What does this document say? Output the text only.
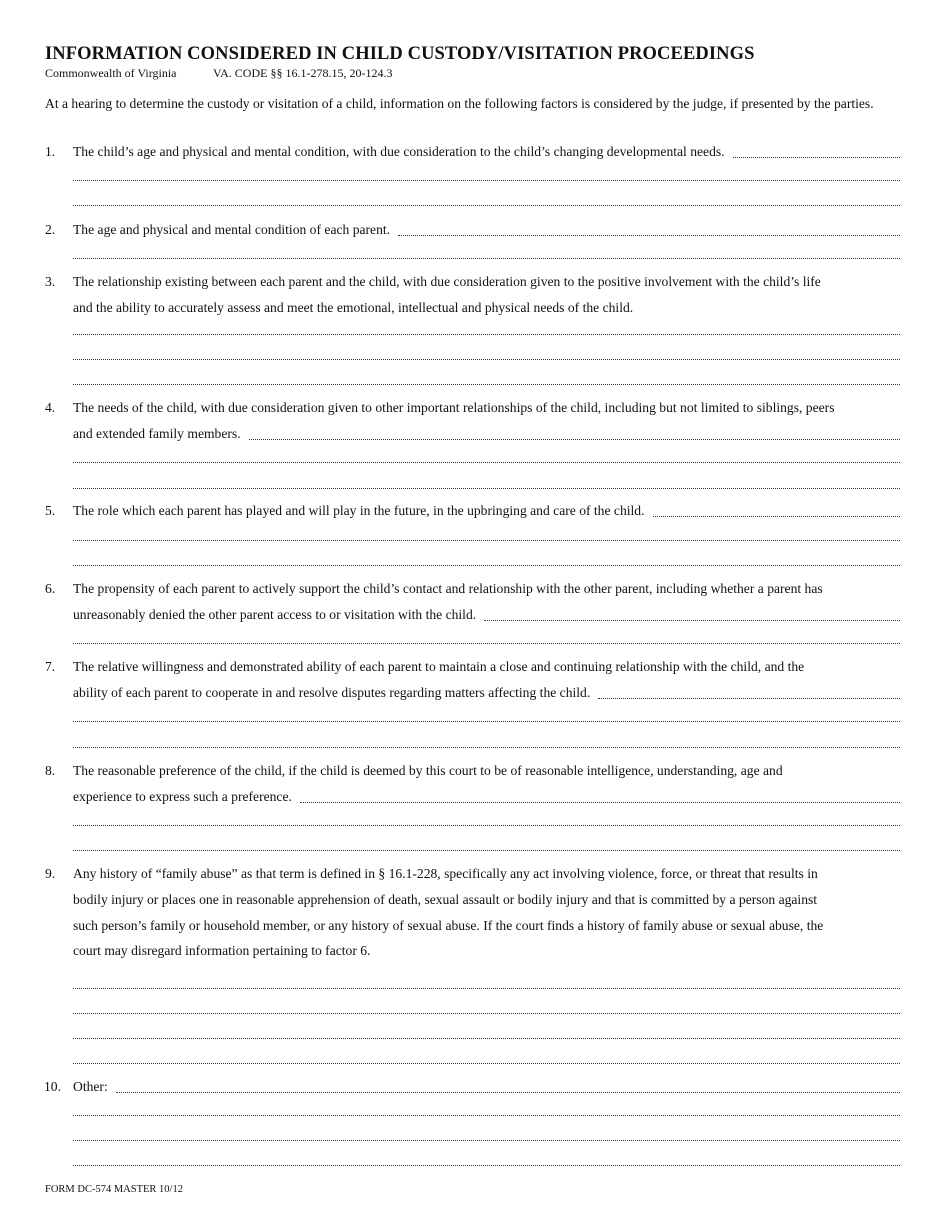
INFORMATION CONSIDERED IN CHILD CUSTODY/VISITATION PROCEEDINGS
Commonwealth of Virginia	VA. CODE §§ 16.1-278.15, 20-124.3
At a hearing to determine the custody or visitation of a child, information on the following factors is considered by the judge, if presented by the parties.
1.	The child’s age and physical and mental condition, with due consideration to the child’s changing developmental needs.
2.	The age and physical and mental condition of each parent.
3.	The relationship existing between each parent and the child, with due consideration given to the positive involvement with the child’s life
and the ability to accurately assess and meet the emotional, intellectual and physical needs of the child.
4.	The needs of the child, with due consideration given to other important relationships of the child, including but not limited to siblings, peers
and extended family members.
5.	The role which each parent has played and will play in the future, in the upbringing and care of the child.
6.	The propensity of each parent to actively support the child’s contact and relationship with the other parent, including whether a parent has
unreasonably denied the other parent access to or visitation with the child.
7.	The relative willingness and demonstrated ability of each parent to maintain a close and continuing relationship with the child, and the
ability of each parent to cooperate in and resolve disputes regarding matters affecting the child.
8.	The reasonable preference of the child, if the child is deemed by this court to be of reasonable intelligence, understanding, age and
experience to express such a preference.
9.	Any history of “family abuse” as that term is defined in § 16.1-228, specifically any act involving violence, force, or threat that results in
bodily injury or places one in reasonable apprehension of death, sexual assault or bodily injury and that is committed by a person against
such person’s family or household member, or any history of sexual abuse. If the court finds a history of family abuse or sexual abuse, the
court may disregard information pertaining to factor 6.
10. Other:
FORM DC-574 MASTER 10/12
